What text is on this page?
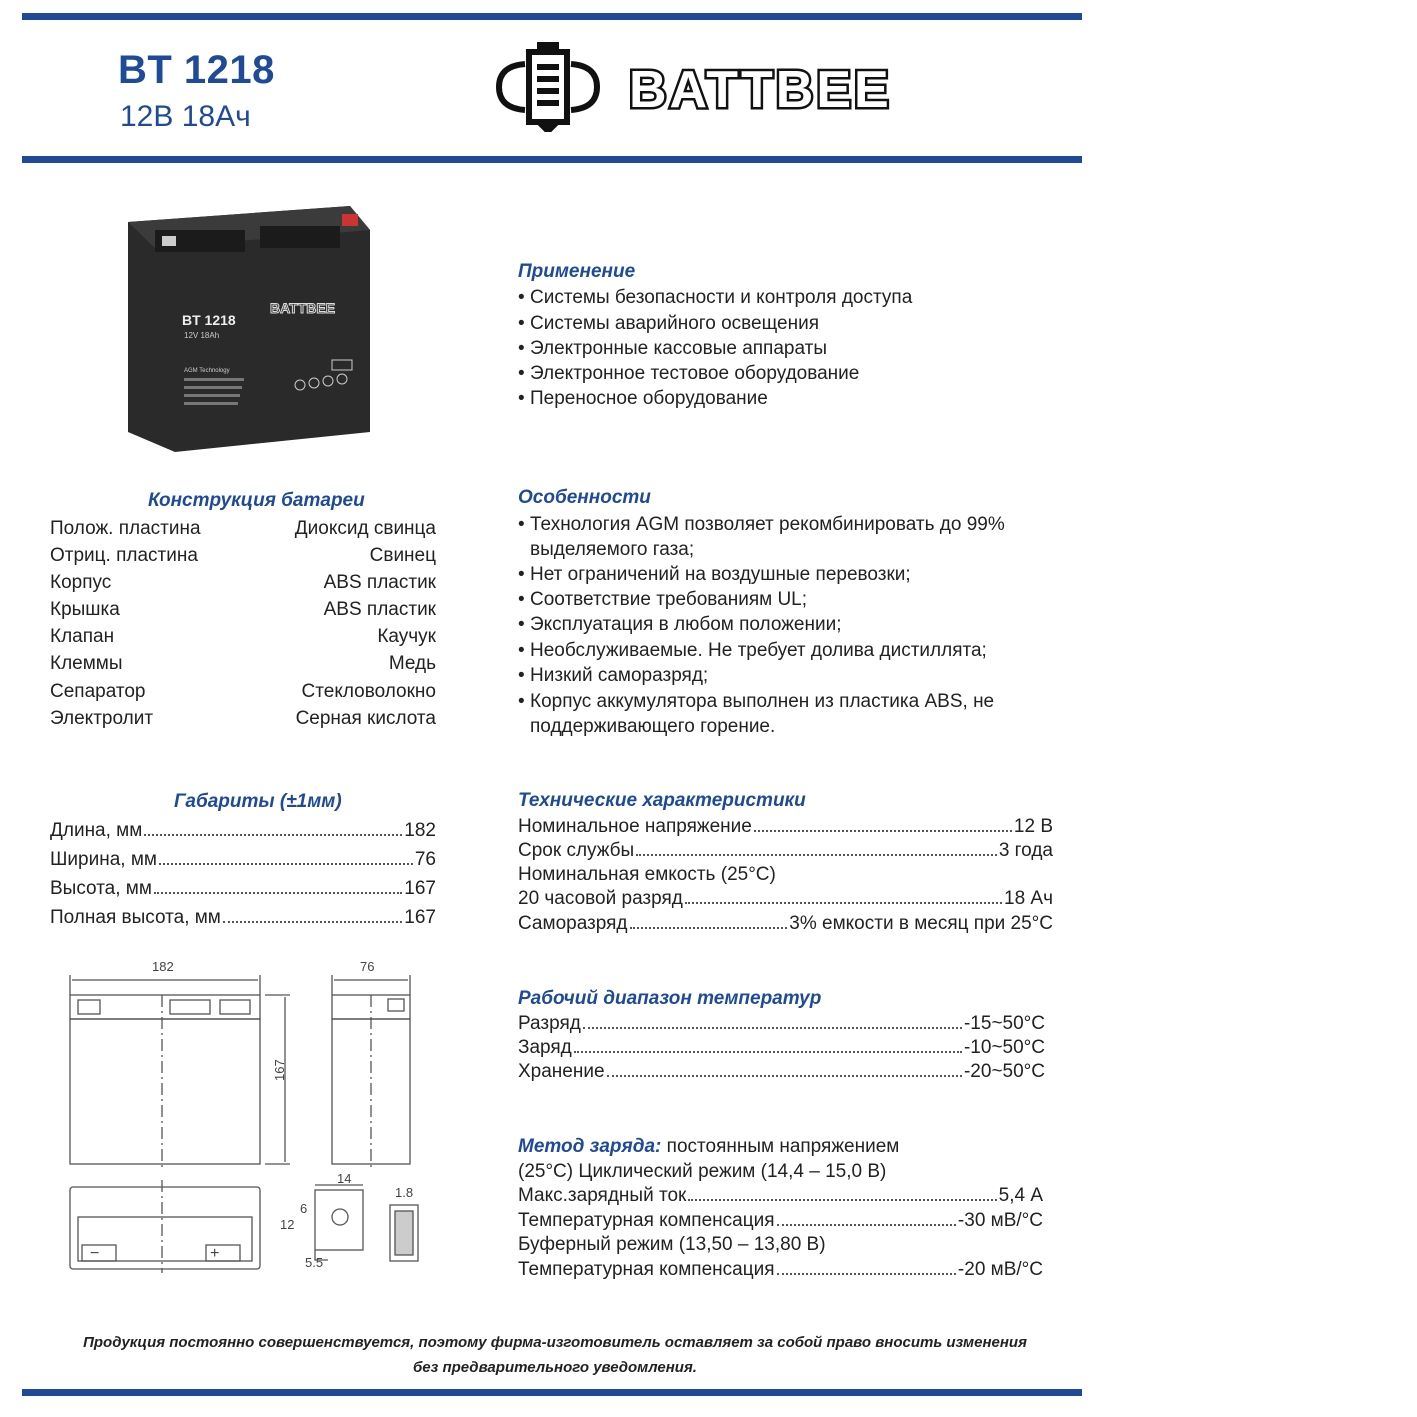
BT 1218
12В 18Ач	BATTBEE
BT 1218
12V 18Ah
BATTBEE
AGM Technology
Применение
• Системы безопасности и контроля доступа
• Системы аварийного освещения
• Электронные кассовые аппараты
• Электронное тестовое оборудование
• Переносное оборудование
Конструкция батареи
Полож. пластина	Диоксид свинца
Отриц. пластина	Свинец
Корпус	ABS пластик
Крышка	ABS пластик
Клапан	Каучук
Клеммы	Медь
Сепаратор	Стекловолокно
Электролит	Серная кислота
Особенности
• Технология AGM позволяет рекомбинировать до 99%
выделяемого газа;
• Нет ограничений на воздушные перевозки;
• Соответствие требованиям UL;
• Эксплуатация в любом положении;
• Необслуживаемые. Не требует долива дистиллята;
• Низкий саморазряд;
• Корпус аккумулятора выполнен из пластика ABS, не
поддерживающего горение.
Габариты (±1мм)
Длина, мм	182
Ширина, мм	76
Высота, мм	167
Полная высота, мм	167
182	76
167
14
12
6
5.5
1.8
−	+
Технические характеристики
Номинальное напряжение	12 В
Срок службы	3 года
Номинальная емкость (25°C)
20 часовой разряд	18 Ач
Саморазряд	3% емкости в месяц при 25°C
Рабочий диапазон температур
Разряд	-15~50°C
Заряд	-10~50°C
Хранение	-20~50°C
Метод заряда: постоянным напряжением
(25°C) Циклический режим (14,4 – 15,0 В)
Макс.зарядный ток	5,4 А
Температурная компенсация	-30 мВ/°С
Буферный режим (13,50 – 13,80 В)
Температурная компенсация	-20 мВ/°С
Продукция постоянно совершенствуется, поэтому фирма-изготовитель оставляет за собой право вносить изменения
без предварительного уведомления.
